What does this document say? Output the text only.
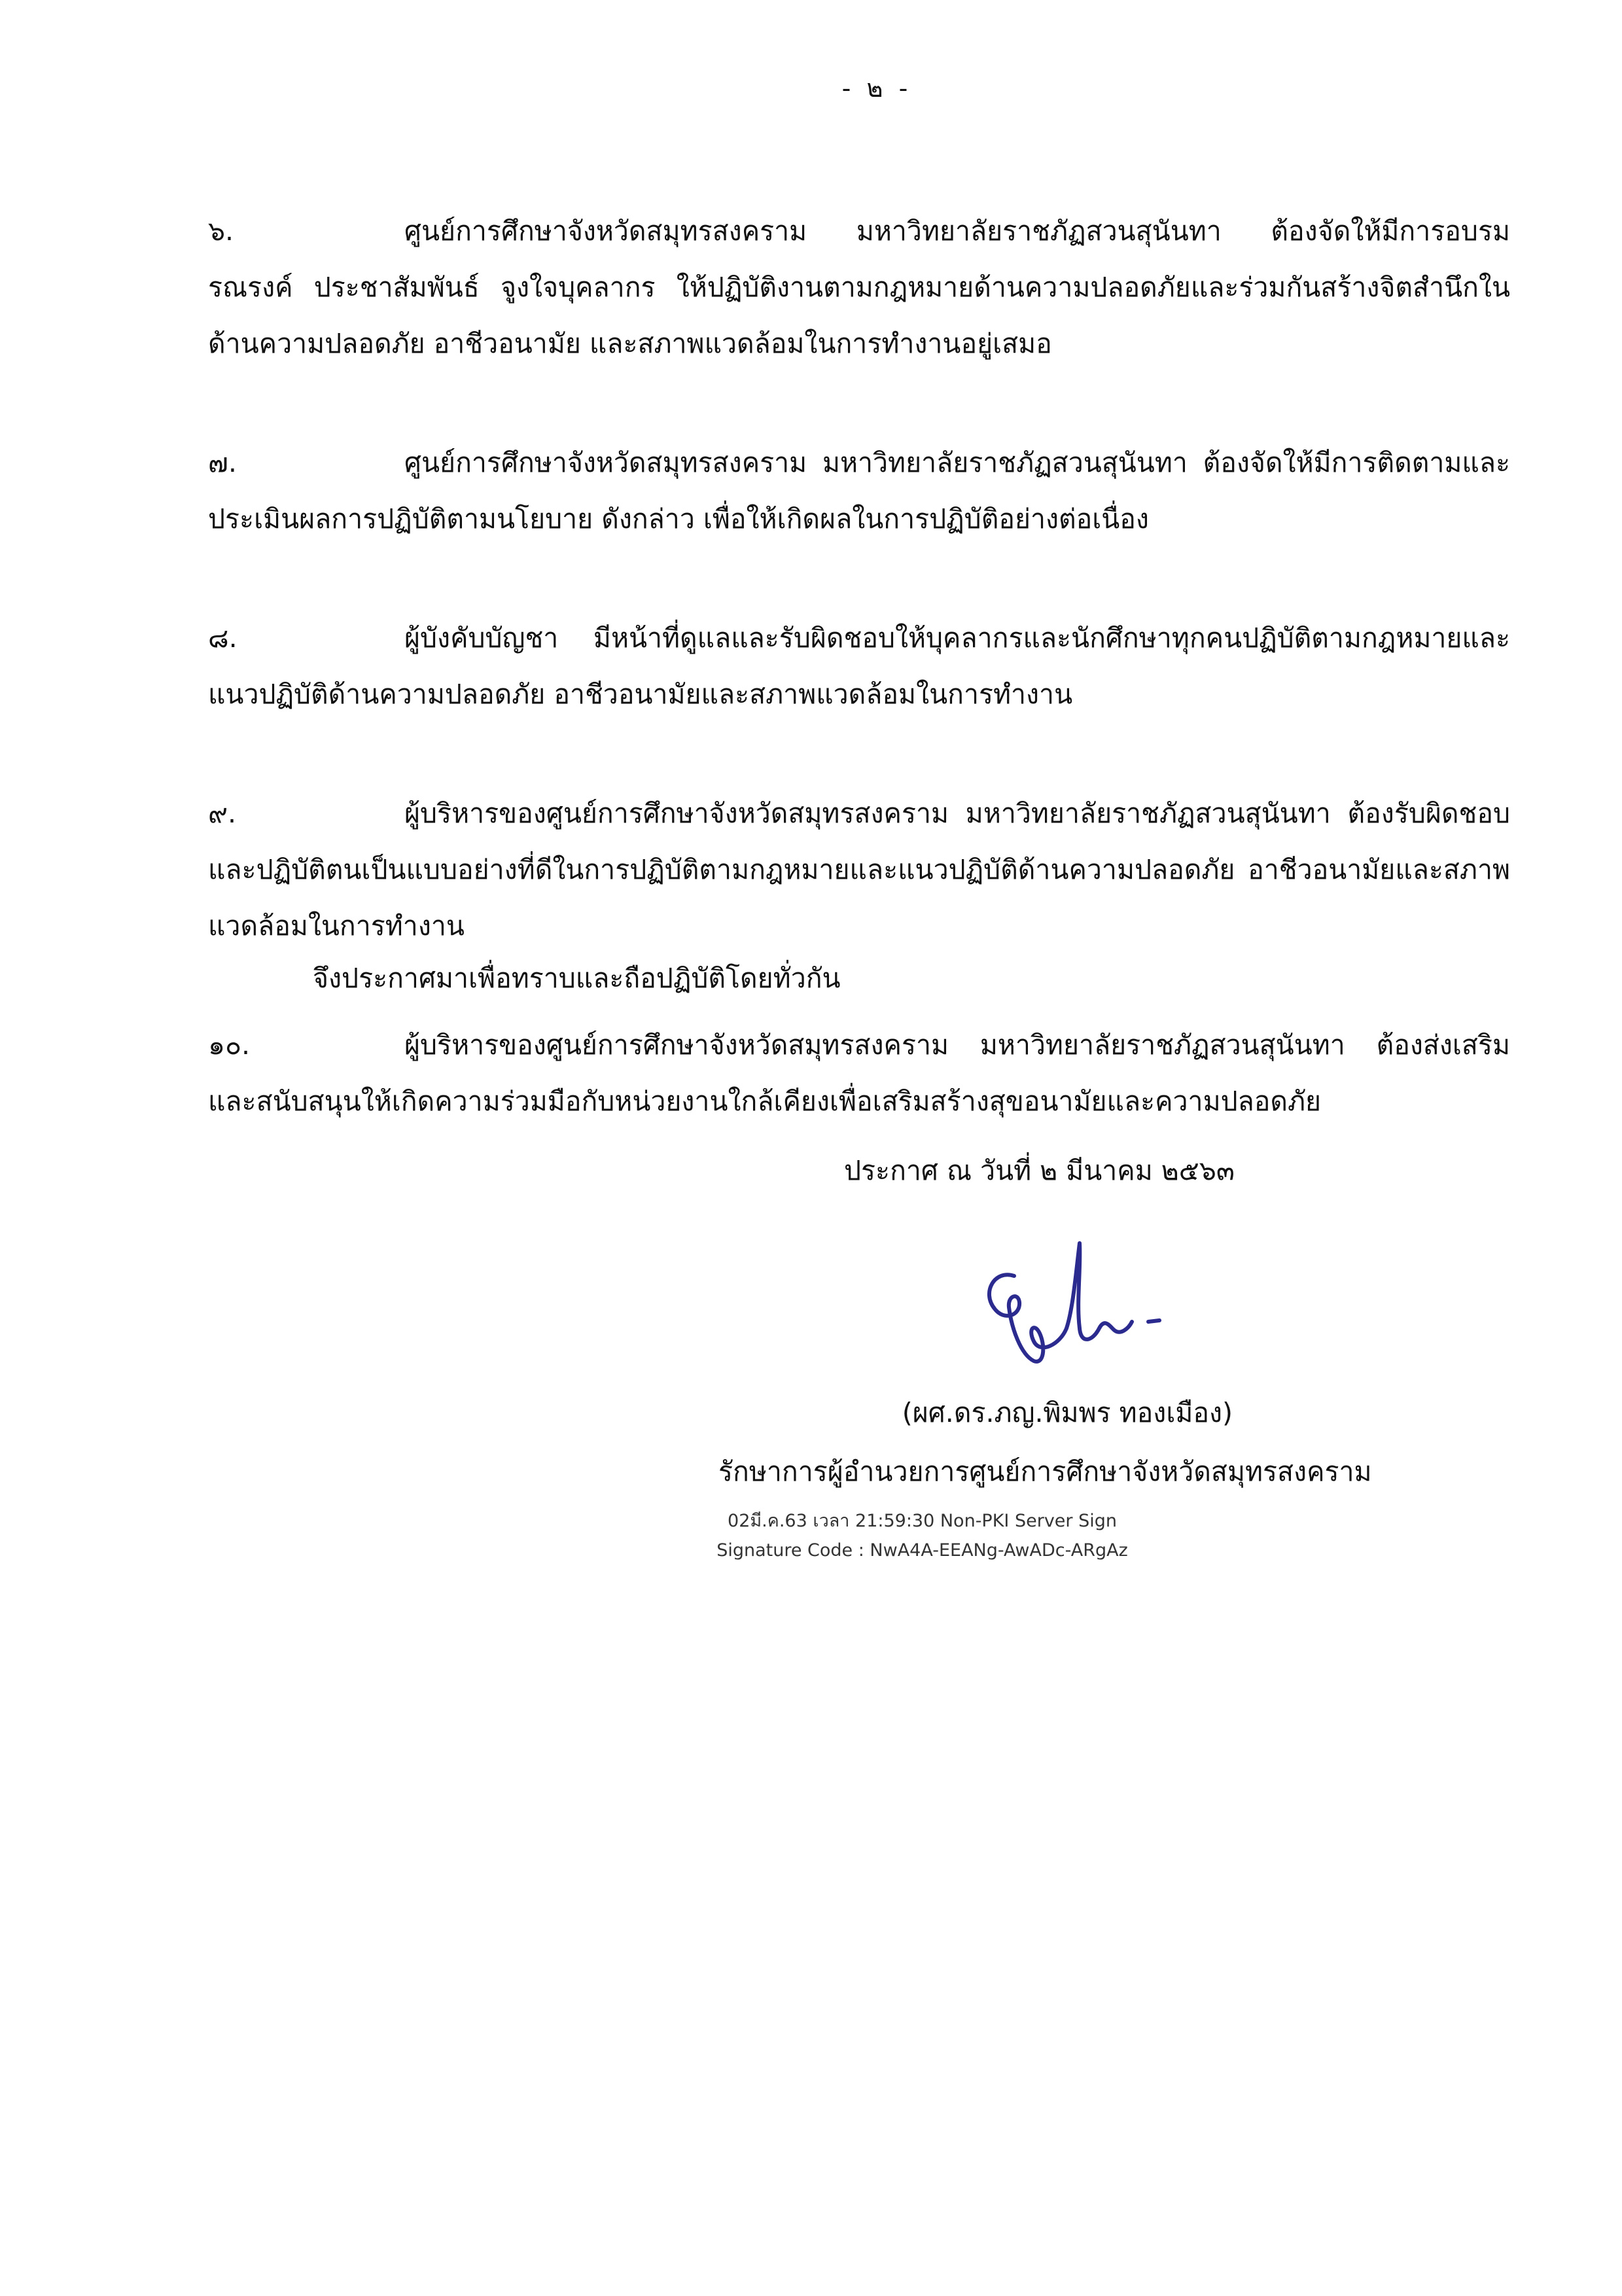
- ๒ -

๖.	ศูนย์การศึกษาจังหวัดสมุทรสงคราม มหาวิทยาลัยราชภัฏสวนสุนันทา ต้องจัดให้มีการอบรม รณรงค์ ประชาสัมพันธ์ จูงใจบุคลากร ให้ปฏิบัติงานตามกฎหมายด้านความปลอดภัยและร่วมกันสร้างจิตสำนึกในด้านความปลอดภัย อาชีวอนามัย และสภาพแวดล้อมในการทำงานอยู่เสมอ

๗.	ศูนย์การศึกษาจังหวัดสมุทรสงคราม มหาวิทยาลัยราชภัฏสวนสุนันทา ต้องจัดให้มีการติดตามและประเมินผลการปฏิบัติตามนโยบาย ดังกล่าว เพื่อให้เกิดผลในการปฏิบัติอย่างต่อเนื่อง

๘.	ผู้บังคับบัญชา มีหน้าที่ดูแลและรับผิดชอบให้บุคลากรและนักศึกษาทุกคนปฏิบัติตามกฎหมายและแนวปฏิบัติด้านความปลอดภัย อาชีวอนามัยและสภาพแวดล้อมในการทำงาน

๙.	ผู้บริหารของศูนย์การศึกษาจังหวัดสมุทรสงคราม มหาวิทยาลัยราชภัฏสวนสุนันทา ต้องรับผิดชอบและปฏิบัติตนเป็นแบบอย่างที่ดีในการปฏิบัติตามกฎหมายและแนวปฏิบัติด้านความปลอดภัย อาชีวอนามัยและสภาพแวดล้อมในการทำงาน

๑๐.	ผู้บริหารของศูนย์การศึกษาจังหวัดสมุทรสงคราม มหาวิทยาลัยราชภัฏสวนสุนันทา ต้องส่งเสริมและสนับสนุนให้เกิดความร่วมมือกับหน่วยงานใกล้เคียงเพื่อเสริมสร้างสุขอนามัยและความปลอดภัย

จึงประกาศมาเพื่อทราบและถือปฏิบัติโดยทั่วกัน
ประกาศ ณ วันที่ ๒ มีนาคม ๒๕๖๓
(ผศ.ดร.ภญ.พิมพร ทองเมือง)
รักษาการผู้อำนวยการศูนย์การศึกษาจังหวัดสมุทรสงคราม
02มี.ค.63 เวลา 21:59:30 Non-PKI Server Sign
Signature Code : NwA4A-EEANg-AwADc-ARgAz
